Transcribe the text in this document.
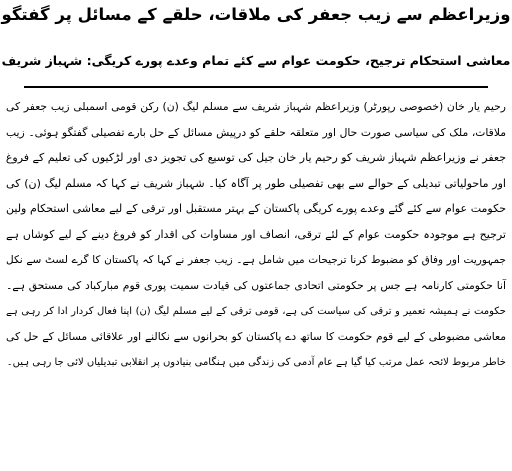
وزیراعظم سے زیب جعفر کی ملاقات، حلقے کے مسائل پر گفتگو
معاشی استحکام ترجیح، حکومت عوام سے کئے تمام وعدے پورے کریگی: شہباز شریف
رحیم یار خان (خصوصی رپورٹر) وزیراعظم شہباز شریف سے مسلم لیگ (ن) رکن قومی اسمبلی زیب جعفر کی
ملاقات، ملک کی سیاسی صورت حال اور متعلقہ حلقے کو درپیش مسائل کے حل بارے تفصیلی گفتگو ہوئی۔ زیب
جعفر نے وزیراعظم شہباز شریف کو رحیم یار خان جیل کی توسیع کی تجویز دی اور لڑکیوں کی تعلیم کے فروغ
اور ماحولیاتی تبدیلی کے حوالے سے بھی تفصیلی طور پر آگاہ کیا۔ شہباز شریف نے کہا کہ مسلم لیگ (ن) کی
حکومت عوام سے کئے گئے وعدے پورے کریگی پاکستان کے بہتر مستقبل اور ترقی کے لیے معاشی استحکام ولین
ترجیح ہے موجودہ حکومت عوام کے لئے ترقی، انصاف اور مساوات کی اقدار کو فروغ دینے کے لیے کوشاں ہے
جمہوریت اور وفاق کو مضبوط کرنا ترجیحات میں شامل ہے۔ زیب جعفر نے کہا کہ پاکستان کا گرے لسٹ سے نکل
آنا حکومتی کارنامہ ہے جس پر حکومتی اتحادی جماعتوں کی قیادت سمیت پوری قوم مبارکباد کی مستحق ہے۔
حکومت نے ہمیشہ تعمیر و ترقی کی سیاست کی ہے، قومی ترقی کے لیے مسلم لیگ (ن) اپنا فعال کردار ادا کر رہی ہے
معاشی مضبوطی کے لیے قوم حکومت کا ساتھ دے پاکستان کو بحرانوں سے نکالنے اور علاقائی مسائل کے حل کی
خاطر مربوط لائحہ عمل مرتب کیا گیا ہے عام آدمی کی زندگی میں ہنگامی بنیادوں پر انقلابی تبدیلیاں لائی جا رہی ہیں۔
